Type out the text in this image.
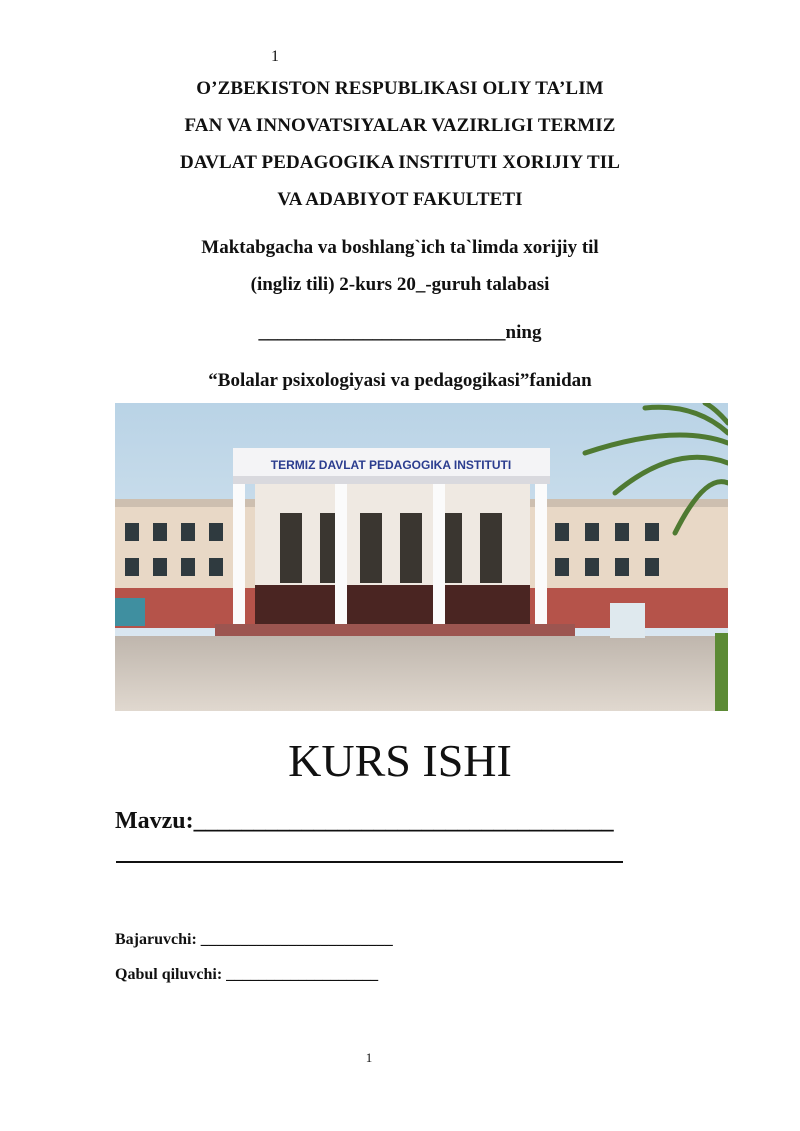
1
O’ZBEKISTON RESPUBLIKASI OLIY TA’LIM
FAN VA INNOVATSIYALAR VAZIRLIGI TERMIZ
DAVLAT PEDAGOGIKA INSTITUTI XORIJIY TIL
VA ADABIYOT FAKULTETI
Maktabgacha va boshlang`ich ta`limda xorijiy til
(ingliz tili) 2-kurs 20_-guruh talabasi
__________________________ning
“Bolalar psixologiyasi va pedagogikasi”fanidan
TERMIZ DAVLAT PEDAGOGIKA INSTITUTI
KURS ISHI
Mavzu:___________________________________
Bajaruvchi: ________________________
Qabul qiluvchi: ___________________
1
